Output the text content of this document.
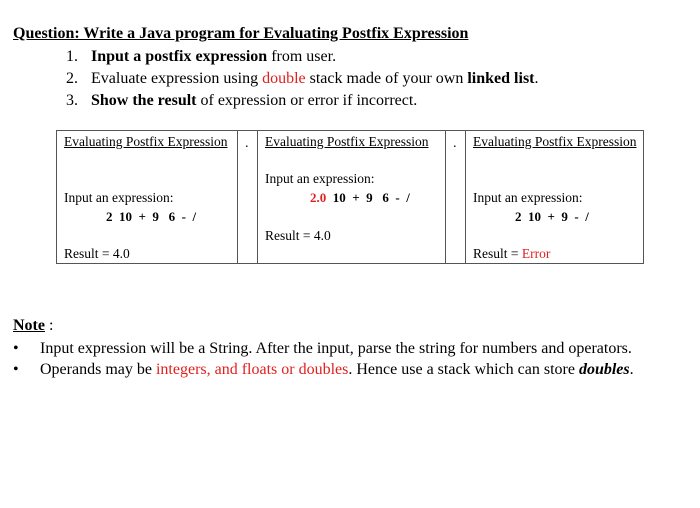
Question: Write a Java program for Evaluating Postfix Expression
1. Input a postfix expression from user.
2. Evaluate expression using double stack made of your own linked list.
3. Show the result of expression or error if incorrect.
Evaluating Postfix Expression
Input an expression:
2  10  +  9   6  -  /
Result = 4.0
. Evaluating Postfix Expression
Input an expression:
2.0  10  +  9   6  -  /
Result = 4.0
. Evaluating Postfix Expression
Input an expression:
2  10  +  9  -  /
Result = Error
Note :
• Input expression will be a String. After the input, parse the string for numbers and operators.
• Operands may be integers, and floats or doubles. Hence use a stack which can store doubles.
